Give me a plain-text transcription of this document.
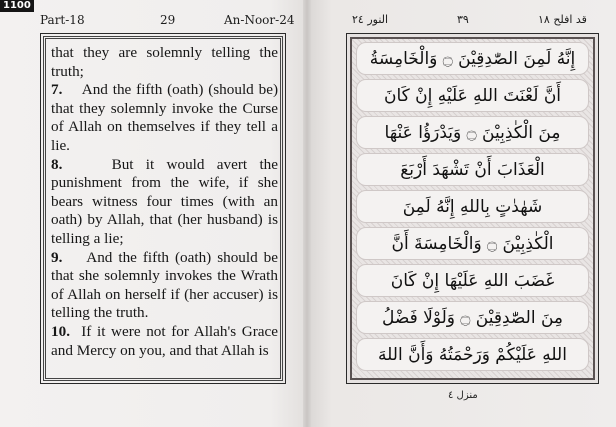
1100
Part-18	29	An-Noor-24	قد افلح ١٨
٣٩
النور ٢٤

that they are solemnly telling the truth;

7. And the fifth (oath) (should be) that they solemnly invoke the Curse of Allah on themselves if they tell a lie.

8.	But it would avert the punishment from the wife, if she bears witness four times (with an oath) by Allah, that (her husband) is telling a lie;

9. And the fifth (oath) should be that she solemnly invokes the Wrath of Allah on herself if (her accuser) is telling the truth.

10. If it were not for Allah's Grace and Mercy on you, and that Allah is

إِنَّهُ لَمِنَ الصّٰدِقِيْنَ ۝ وَالْخَامِسَةُ
أَنَّ لَعْنَتَ اللهِ عَلَيْهِ إِنْ كَانَ
مِنَ الْكٰذِبِيْنَ ۝ وَيَدْرَؤُا عَنْهَا
الْعَذَابَ أَنْ تَشْهَدَ أَرْبَعَ
شَهٰدٰتٍ بِاللهِ إِنَّهُ لَمِنَ
الْكٰذِبِيْنَ ۝ وَالْخَامِسَةَ أَنَّ
غَضَبَ اللهِ عَلَيْهَا إِنْ كَانَ
مِنَ الصّٰدِقِيْنَ ۝ وَلَوْلَا فَضْلُ
اللهِ عَلَيْكُمْ وَرَحْمَتُهُ وَأَنَّ اللهَ
منزل ٤
